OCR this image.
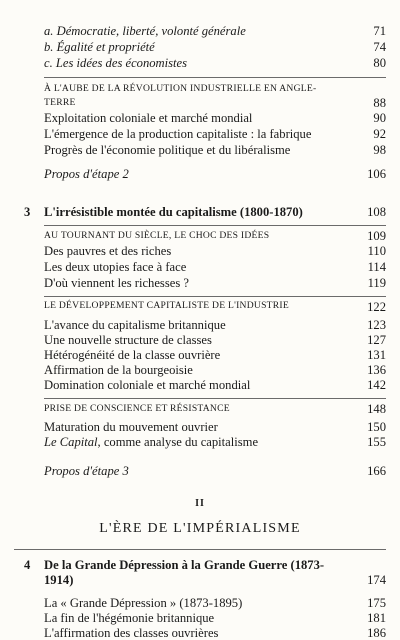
a. Démocratie, liberté, volonté générale	71
b. Égalité et propriété	74
c. Les idées des économistes	80
À L'AUBE DE LA RÉVOLUTION INDUSTRIELLE EN ANGLE-
TERRE	88
Exploitation coloniale et marché mondial	90
L'émergence de la production capitaliste : la fabrique	92
Progrès de l'économie politique et du libéralisme	98
Propos d'étape 2	106
3 L'irrésistible montée du capitalisme (1800-1870)	108
AU TOURNANT DU SIÈCLE, LE CHOC DES IDÉES	109
Des pauvres et des riches	110
Les deux utopies face à face	114
D'où viennent les richesses ?	119
LE DÉVELOPPEMENT CAPITALISTE DE L'INDUSTRIE	122
L'avance du capitalisme britannique	123
Une nouvelle structure de classes	127
Hétérogénéité de la classe ouvrière	131
Affirmation de la bourgeoisie	136
Domination coloniale et marché mondial	142
PRISE DE CONSCIENCE ET RÉSISTANCE	148
Maturation du mouvement ouvrier	150
Le Capital, comme analyse du capitalisme	155
Propos d'étape 3	166
II
L'ÈRE DE L'IMPÉRIALISME
4 De la Grande Dépression à la Grande Guerre (1873-
1914)	174
La « Grande Dépression » (1873-1895)	175
La fin de l'hégémonie britannique	181
L'affirmation des classes ouvrières	186
